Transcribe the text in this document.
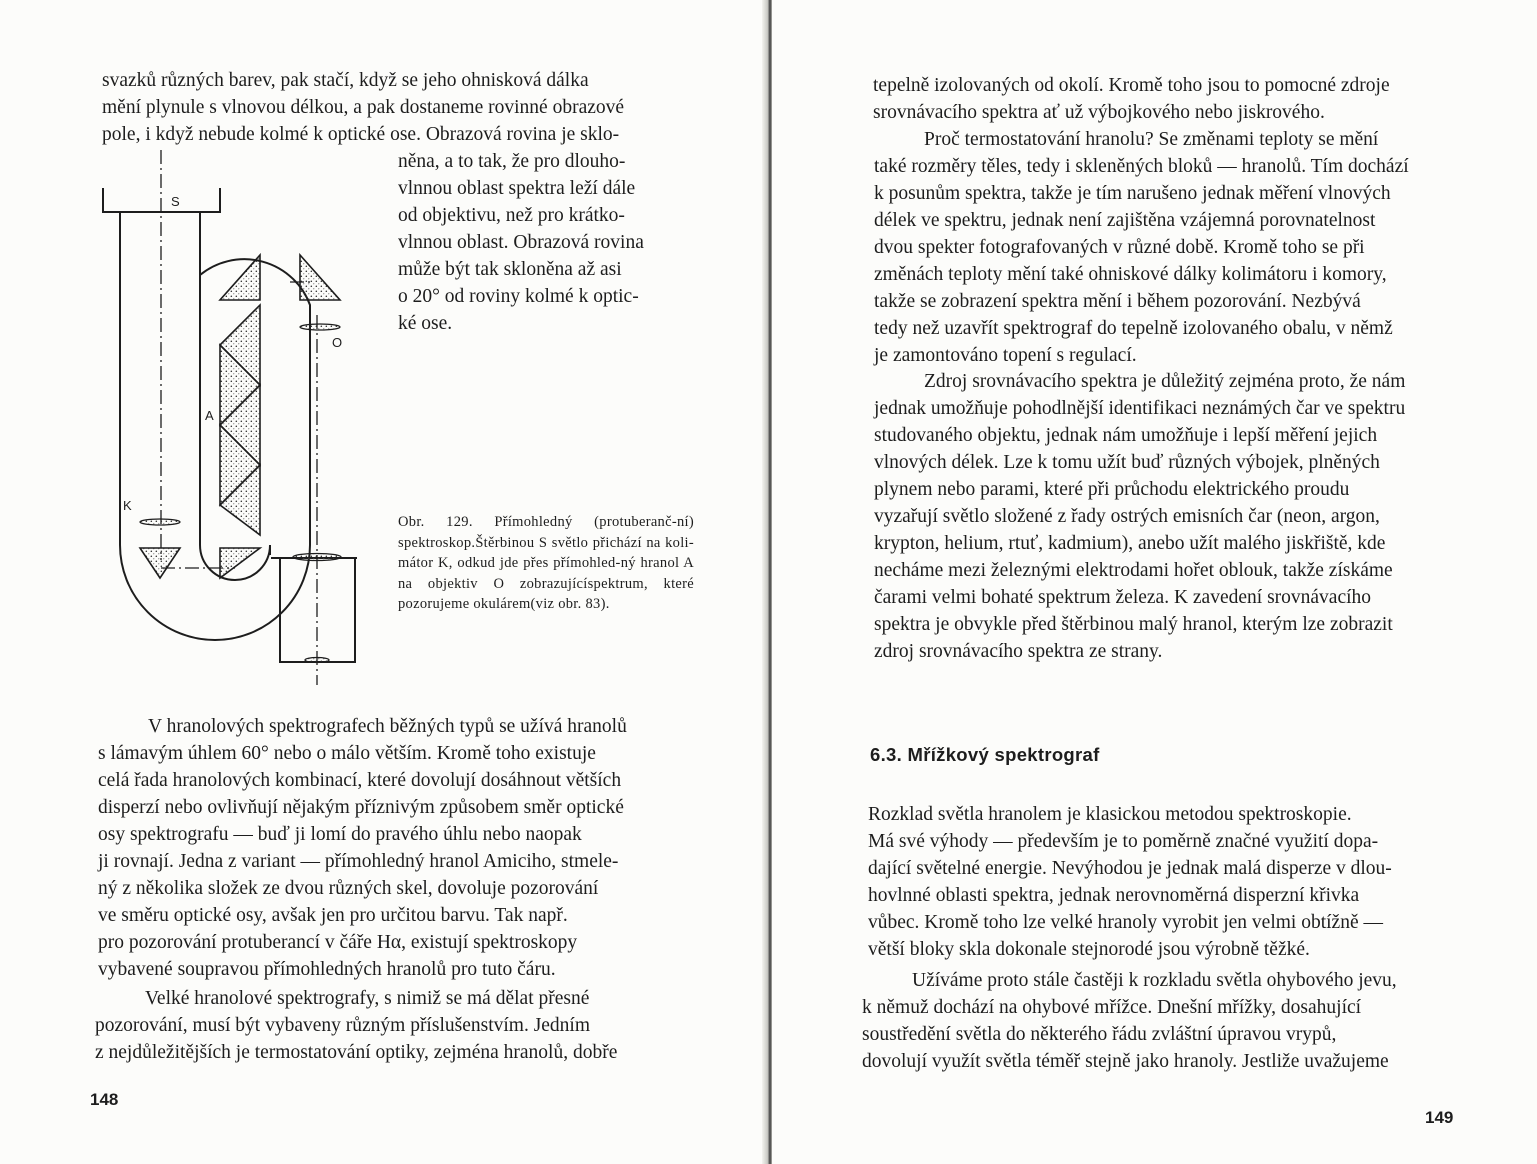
svazků různých barev, pak stačí, když se jeho ohnisková dálka
mění plynule s vlnovou délkou, a pak dostaneme rovinné obrazové
pole, i když nebude kolmé k optické ose. Obrazová rovina je sklo-
něna, a to tak, že pro dlouho-
vlnnou oblast spektra leží dále
od objektivu, než pro krátko-
vlnnou oblast. Obrazová rovina
může být tak skloněna až asi
o 20° od roviny kolmé k optic-
ké ose.
S
O
A
K
Obr. 129. Přímohledný (protuberanč-ní) spektroskop.Štěrbinou S světlo přichází na koli-mátor K, odkud jde přes přímohled-ný hranol A na objektiv O zobrazujícíspektrum, které pozorujeme okulárem(viz obr. 83).
V hranolových spektrografech běžných typů se užívá hranolů
s lámavým úhlem 60° nebo o málo větším. Kromě toho existuje
celá řada hranolových kombinací, které dovolují dosáhnout větších
disperzí nebo ovlivňují nějakým příznivým způsobem směr optické
osy spektrografu — buď ji lomí do pravého úhlu nebo naopak
ji rovnají. Jedna z variant — přímohledný hranol Amiciho, stmele-
ný z několika složek ze dvou různých skel, dovoluje pozorování
ve směru optické osy, avšak jen pro určitou barvu. Tak např.
pro pozorování protuberancí v čáře Hα, existují spektroskopy
vybavené soupravou přímohledných hranolů pro tuto čáru.
Velké hranolové spektrografy, s nimiž se má dělat přesné
pozorování, musí být vybaveny různým příslušenstvím. Jedním
z nejdůležitějších je termostatování optiky, zejména hranolů, dobře

148

tepelně izolovaných od okolí. Kromě toho jsou to pomocné zdroje
srovnávacího spektra ať už výbojkového nebo jiskrového.
Proč termostatování hranolu? Se změnami teploty se mění
také rozměry těles, tedy i skleněných bloků — hranolů. Tím dochází
k posunům spektra, takže je tím narušeno jednak měření vlnových
délek ve spektru, jednak není zajištěna vzájemná porovnatelnost
dvou spekter fotografovaných v různé době. Kromě toho se při
změnách teploty mění také ohniskové dálky kolimátoru i komory,
takže se zobrazení spektra mění i během pozorování. Nezbývá
tedy než uzavřít spektrograf do tepelně izolovaného obalu, v němž
je zamontováno topení s regulací.
Zdroj srovnávacího spektra je důležitý zejména proto, že nám
jednak umožňuje pohodlnější identifikaci neznámých čar ve spektru
studovaného objektu, jednak nám umožňuje i lepší měření jejich
vlnových délek. Lze k tomu užít buď různých výbojek, plněných
plynem nebo parami, které při průchodu elektrického proudu
vyzařují světlo složené z řady ostrých emisních čar (neon, argon,
krypton, helium, rtuť, kadmium), anebo užít malého jiskřiště, kde
necháme mezi železnými elektrodami hořet oblouk, takže získáme
čarami velmi bohaté spektrum železa. K zavedení srovnávacího
spektra je obvykle před štěrbinou malý hranol, kterým lze zobrazit
zdroj srovnávacího spektra ze strany.

6.3. Mřížkový spektrograf

Rozklad světla hranolem je klasickou metodou spektroskopie.
Má své výhody — především je to poměrně značné využití dopa-
dající světelné energie. Nevýhodou je jednak malá disperze v dlou-
hovlnné oblasti spektra, jednak nerovnoměrná disperzní křivka
vůbec. Kromě toho lze velké hranoly vyrobit jen velmi obtížně —
větší bloky skla dokonale stejnorodé jsou výrobně těžké.
Užíváme proto stále častěji k rozkladu světla ohybového jevu,
k němuž dochází na ohybové mřížce. Dnešní mřížky, dosahující
soustředění světla do některého řádu zvláštní úpravou vrypů,
dovolují využít světla téměř stejně jako hranoly. Jestliže uvažujeme

149
